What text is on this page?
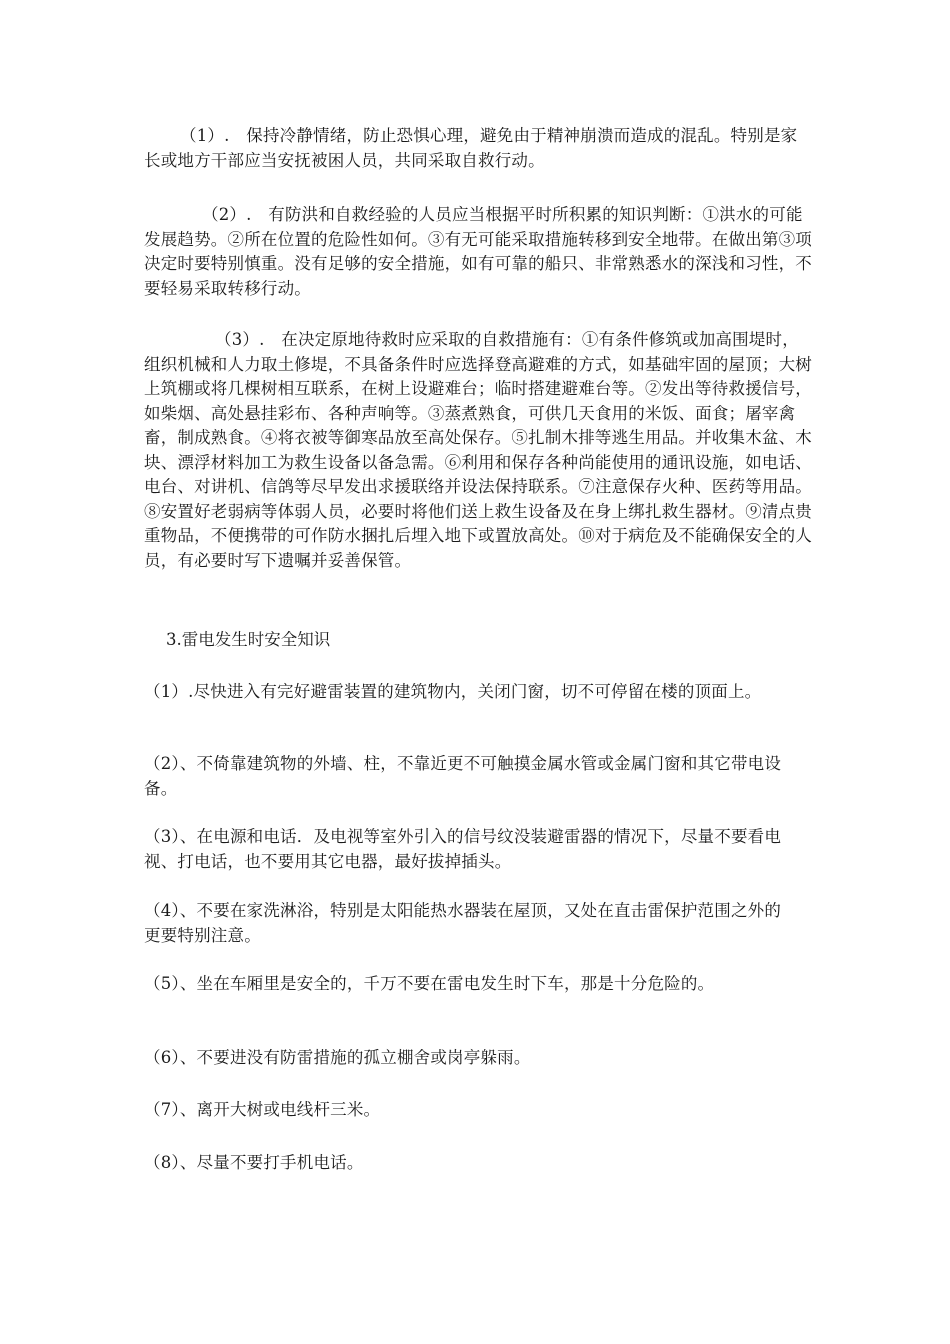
（1）.　保持冷静情绪，防止恐惧心理，避免由于精神崩溃而造成的混乱。特别是家长或地方干部应当安抚被困人员，共同采取自救行动。

（2）.　有防洪和自救经验的人员应当根据平时所积累的知识判断：①洪水的可能发展趋势。②所在位置的危险性如何。③有无可能采取措施转移到安全地带。在做出第③项决定时要特别慎重。没有足够的安全措施，如有可靠的船只、非常熟悉水的深浅和习性，不要轻易采取转移行动。

（3）.　在决定原地待救时应采取的自救措施有：①有条件修筑或加高围堤时，组织机械和人力取土修堤，不具备条件时应选择登高避难的方式，如基础牢固的屋顶；大树上筑棚或将几棵树相互联系，在树上设避难台；临时搭建避难台等。②发出等待救援信号，如柴烟、高处悬挂彩布、各种声响等。③蒸煮熟食，可供几天食用的米饭、面食；屠宰禽畜，制成熟食。④将衣被等御寒品放至高处保存。⑤扎制木排等逃生用品。并收集木盆、木块、漂浮材料加工为救生设备以备急需。⑥利用和保存各种尚能使用的通讯设施，如电话、电台、对讲机、信鸽等尽早发出求援联络并设法保持联系。⑦注意保存火种、医药等用品。⑧安置好老弱病等体弱人员，必要时将他们送上救生设备及在身上绑扎救生器材。⑨清点贵重物品，不便携带的可作防水捆扎后埋入地下或置放高处。⑩对于病危及不能确保安全的人员，有必要时写下遗嘱并妥善保管。

3.雷电发生时安全知识

（1）.尽快进入有完好避雷装置的建筑物内，关闭门窗，切不可停留在楼的顶面上。

（2）、不倚靠建筑物的外墙、柱，不靠近更不可触摸金属水管或金属门窗和其它带电设备。

（3）、在电源和电话．及电视等室外引入的信号纹没装避雷器的情况下，尽量不要看电视、打电话，也不要用其它电器，最好拔掉插头。

（4）、不要在家洗淋浴，特别是太阳能热水器装在屋顶，又处在直击雷保护范围之外的更要特别注意。

（5）、坐在车厢里是安全的，千万不要在雷电发生时下车，那是十分危险的。

（6）、不要进没有防雷措施的孤立棚舍或岗亭躲雨。

（7）、离开大树或电线杆三米。

（8）、尽量不要打手机电话。
